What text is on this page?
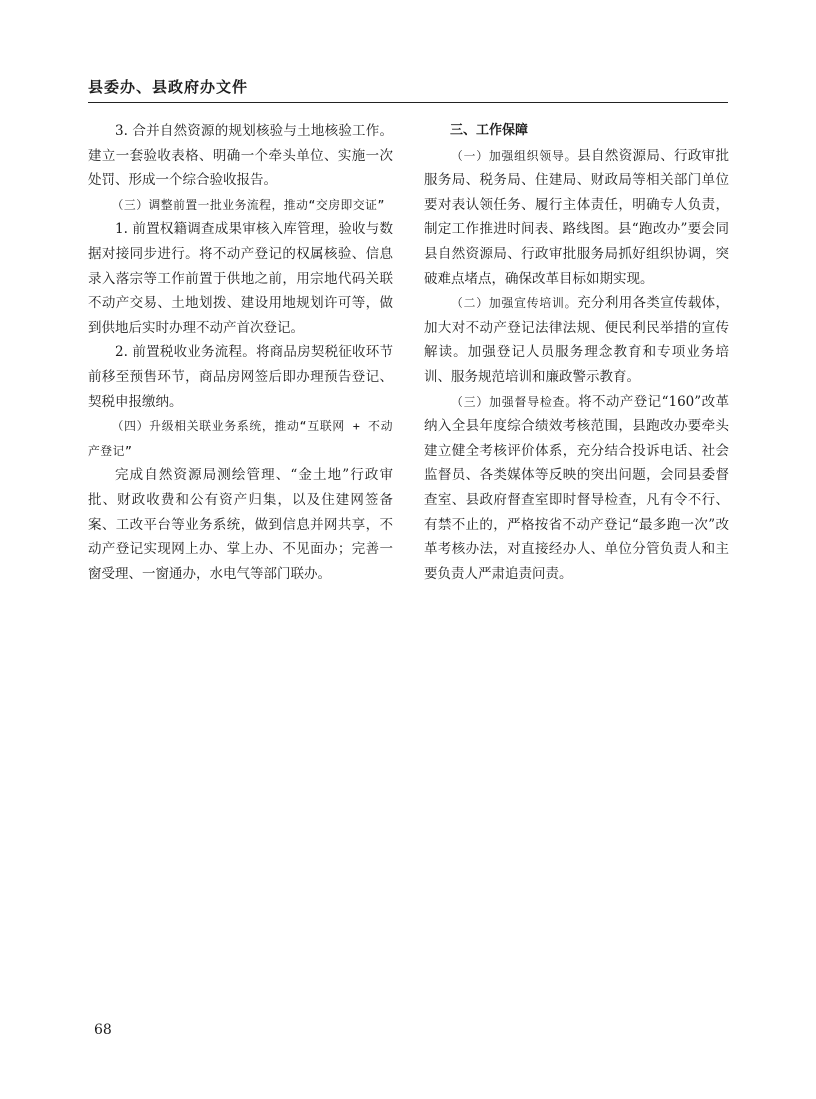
县委办、县政府办文件

3. 合并自然资源的规划核验与土地核验工作。建立一套验收表格、明确一个牵头单位、实施一次处罚、形成一个综合验收报告。

（三）调整前置一批业务流程，推动“交房即交证”

1. 前置权籍调查成果审核入库管理，验收与数据对接同步进行。将不动产登记的权属核验、信息录入落宗等工作前置于供地之前，用宗地代码关联不动产交易、土地划拨、建设用地规划许可等，做到供地后实时办理不动产首次登记。

2. 前置税收业务流程。将商品房契税征收环节前移至预售环节，商品房网签后即办理预告登记、契税申报缴纳。

（四）升级相关联业务系统，推动“互联网 + 不动产登记”

完成自然资源局测绘管理、“金土地”行政审批、财政收费和公有资产归集，以及住建网签备案、工改平台等业务系统，做到信息并网共享，不动产登记实现网上办、掌上办、不见面办；完善一窗受理、一窗通办，水电气等部门联办。

三、工作保障

（一）加强组织领导。县自然资源局、行政审批服务局、税务局、住建局、财政局等相关部门单位要对表认领任务、履行主体责任，明确专人负责，制定工作推进时间表、路线图。县“跑改办”要会同县自然资源局、行政审批服务局抓好组织协调，突破难点堵点，确保改革目标如期实现。

（二）加强宣传培训。充分利用各类宣传载体，加大对不动产登记法律法规、便民利民举措的宣传解读。加强登记人员服务理念教育和专项业务培训、服务规范培训和廉政警示教育。

（三）加强督导检查。将不动产登记“160”改革纳入全县年度综合绩效考核范围，县跑改办要牵头建立健全考核评价体系，充分结合投诉电话、社会监督员、各类媒体等反映的突出问题，会同县委督查室、县政府督查室即时督导检查，凡有令不行、有禁不止的，严格按省不动产登记“最多跑一次”改革考核办法，对直接经办人、单位分管负责人和主要负责人严肃追责问责。

68
